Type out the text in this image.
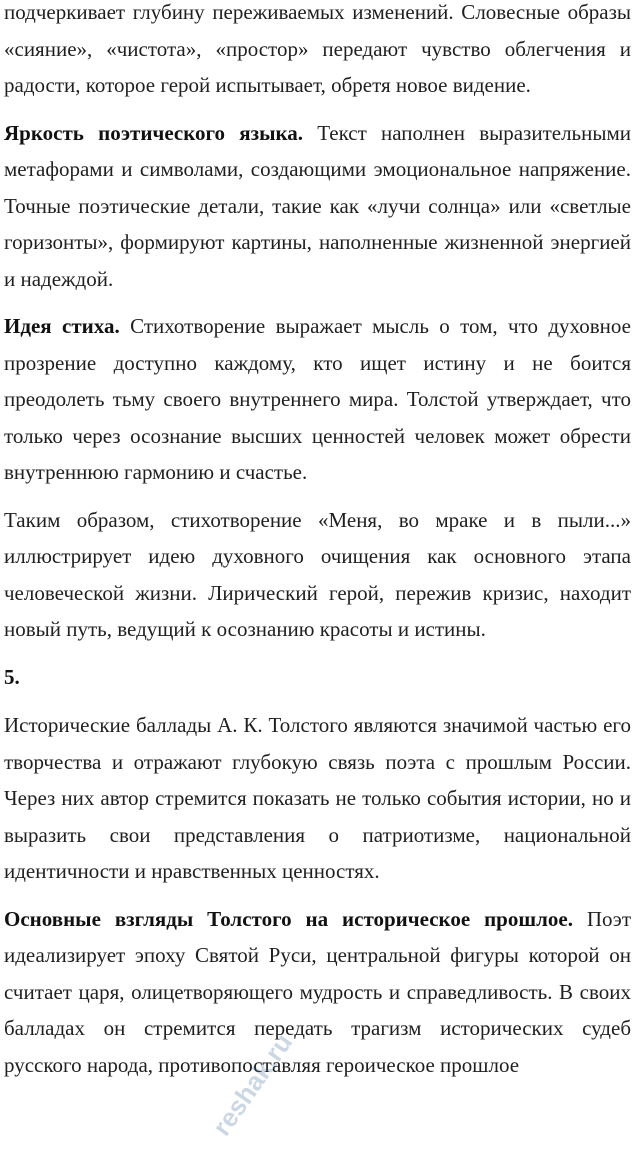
подчеркивает глубину переживаемых изменений. Словесные образы «сияние», «чистота», «простор» передают чувство облегчения и радости, которое герой испытывает, обретя новое видение.

Яркость поэтического языка. Текст наполнен выразительными метафорами и символами, создающими эмоциональное напряжение. Точные поэтические детали, такие как «лучи солнца» или «светлые горизонты», формируют картины, наполненные жизненной энергией и надеждой.

Идея стиха. Стихотворение выражает мысль о том, что духовное прозрение доступно каждому, кто ищет истину и не боится преодолеть тьму своего внутреннего мира. Толстой утверждает, что только через осознание высших ценностей человек может обрести внутреннюю гармонию и счастье.

Таким образом, стихотворение «Меня, во мраке и в пыли...» иллюстрирует идею духовного очищения как основного этапа человеческой жизни. Лирический герой, пережив кризис, находит новый путь, ведущий к осознанию красоты и истины.

5.

Исторические баллады А. К. Толстого являются значимой частью его творчества и отражают глубокую связь поэта с прошлым России. Через них автор стремится показать не только события истории, но и выразить свои представления о патриотизме, национальной идентичности и нравственных ценностях.

Основные взгляды Толстого на историческое прошлое. Поэт идеализирует эпоху Святой Руси, центральной фигуры которой он считает царя, олицетворяющего мудрость и справедливость. В своих балладах он стремится передать трагизм исторических судеб русского народа, противопоставляя героическое прошлое

reshak.ru
